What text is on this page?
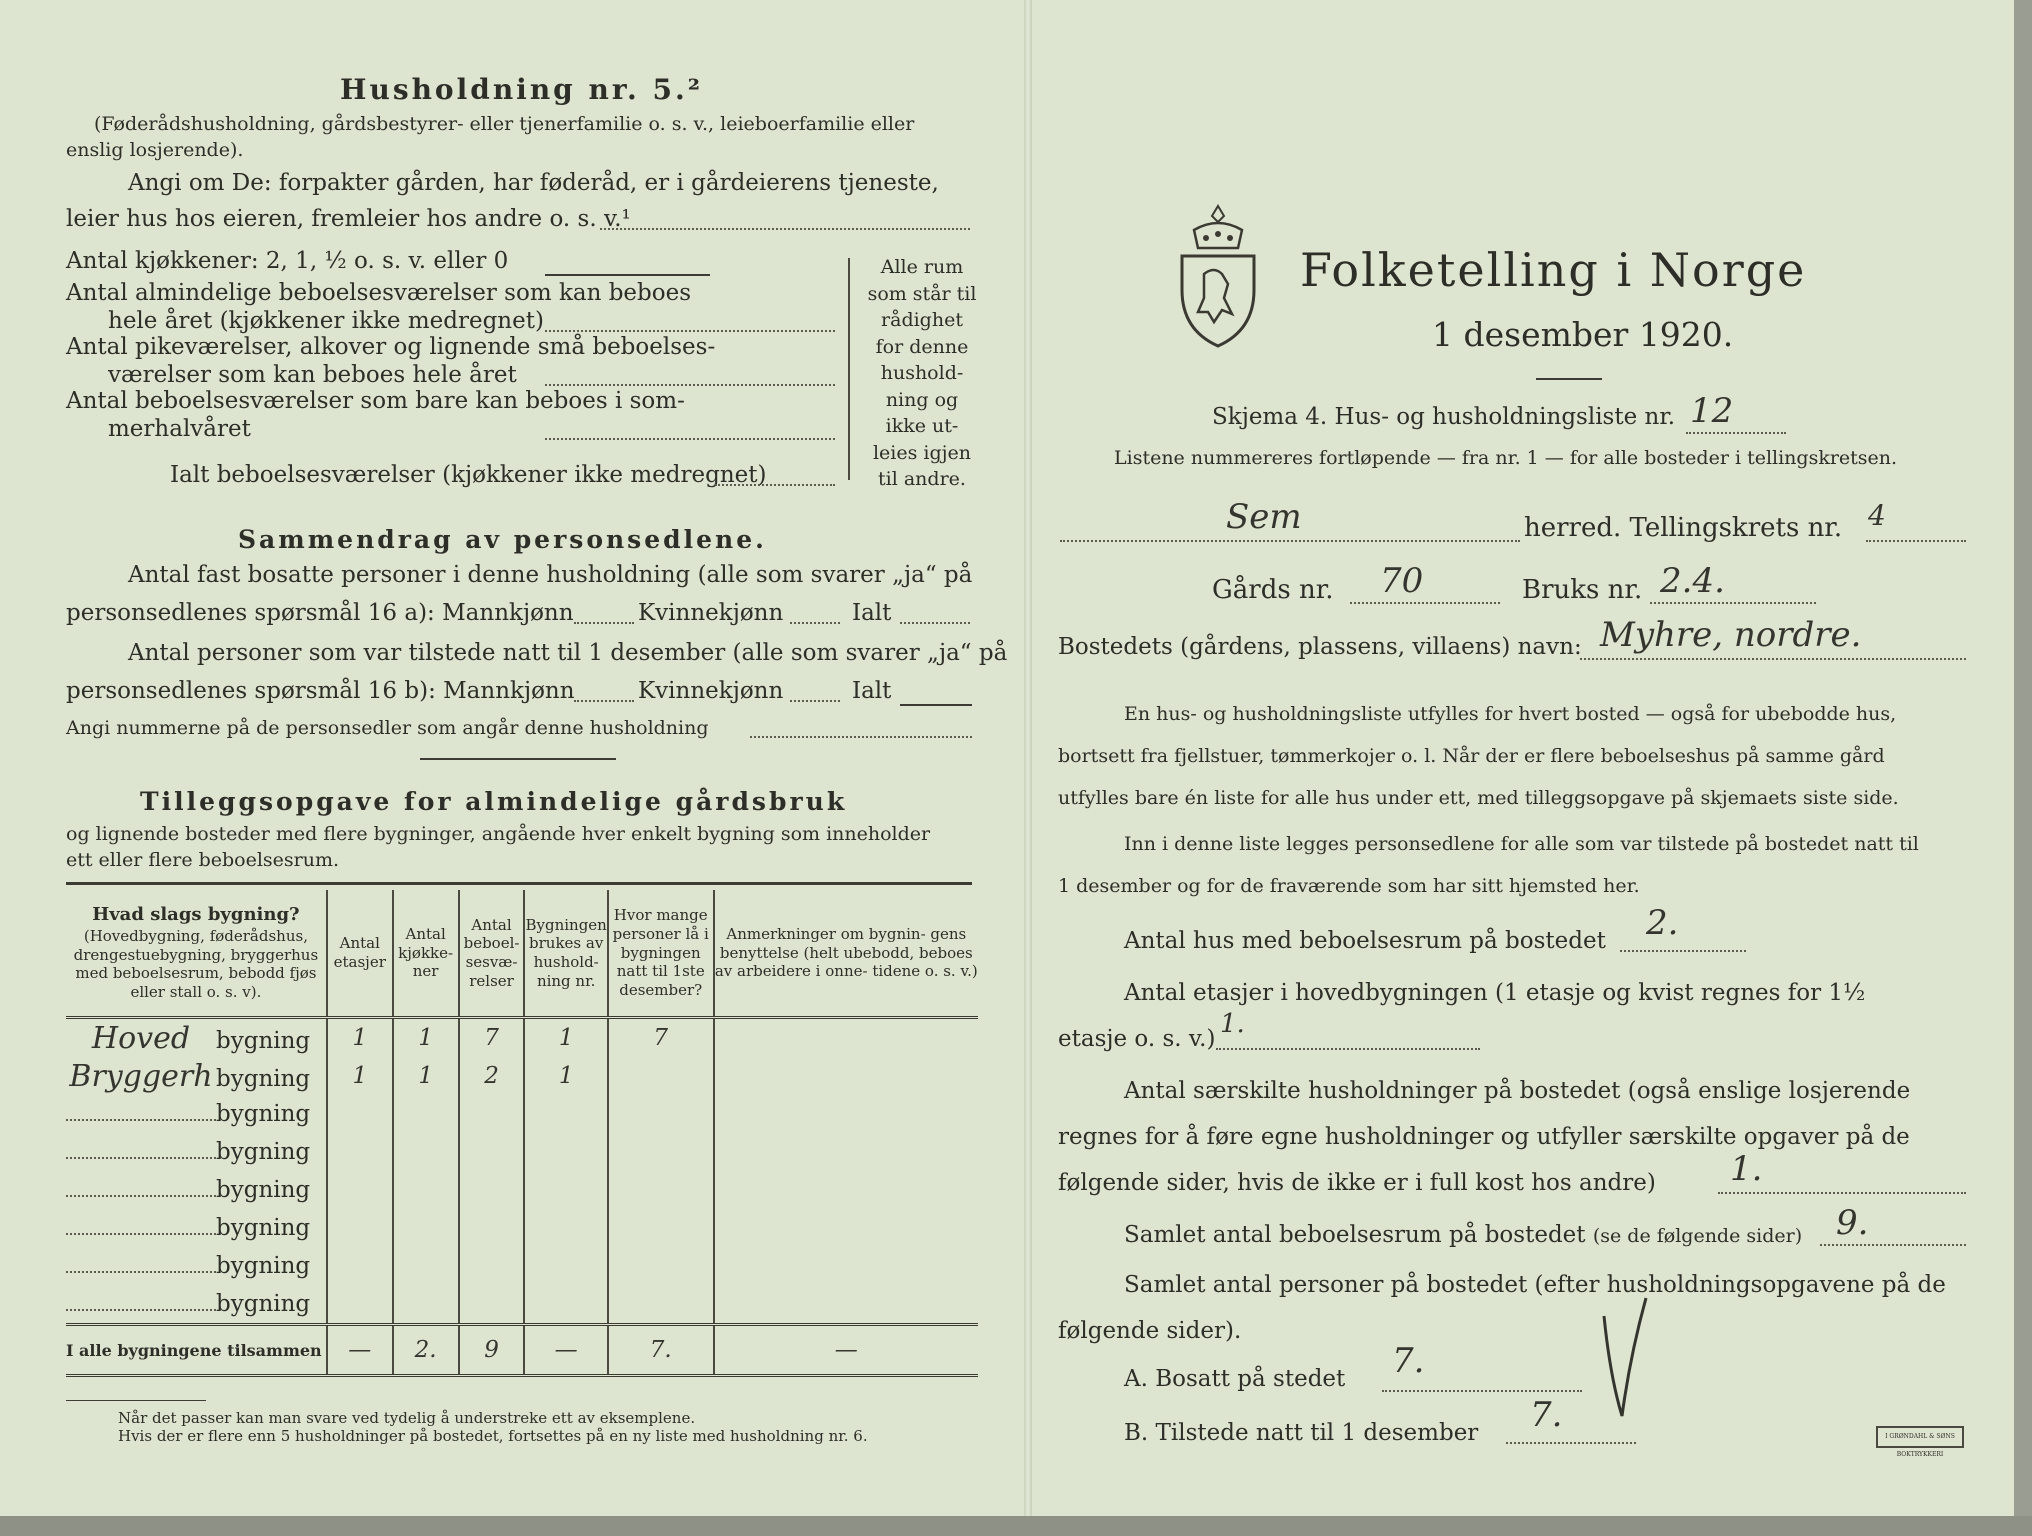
Husholdning nr. 5.²
(Føderådshusholdning, gårdsbestyrer- eller tjenerfamilie o. s. v., leieboerfamilie eller
enslig losjerende).
Angi om De: forpakter gården, har føderåd, er i gårdeierens tjeneste,
leier hus hos eieren, fremleier hos andre o. s. v.¹
Antal kjøkkener: 2, 1, ½ o. s. v. eller 0
Antal almindelige beboelsesværelser som kan beboes
hele året (kjøkkener ikke medregnet)
Antal pikeværelser, alkover og lignende små beboelses-
værelser som kan beboes hele året
Antal beboelsesværelser som bare kan beboes i som-
merhalvåret
Ialt beboelsesværelser (kjøkkener ikke medregnet)
Alle rum
som står til
rådighet
for denne
hushold-
ning og
ikke ut-
leies igjen
til andre.
Sammendrag av personsedlene.
Antal fast bosatte personer i denne husholdning (alle som svarer „ja“ på
personsedlenes spørsmål 16 a): Mannkjønn	Kvinnekjønn	Ialt
Antal personer som var tilstede natt til 1 desember (alle som svarer „ja“ på
personsedlenes spørsmål 16 b): Mannkjønn	Kvinnekjønn	Ialt
Angi nummerne på de personsedler som angår denne husholdning
Tilleggsopgave for almindelige gårdsbruk
og lignende bosteder med flere bygninger, angående hver enkelt bygning som inneholder
ett eller flere beboelsesrum.
Hvad slags bygning?
(Hovedbygning, føderådshus, drengestuebygning, bryggerhus med beboelsesrum, bebodd fjøs eller stall o. s. v).	Antal etasjer	Antal kjøkke- ner	Antal beboel- sesvæ- relser	Bygningen brukes av hushold- ning nr.	Hvor mange personer lå i bygningen natt til 1ste desember?	Anmerkninger om bygnin- gens benyttelse (helt ubebodd, beboes av arbeidere i onne- tidene o. s. v.)
Hoved bygning	1	1	7	1	7	
Bryggerh bygning	1	1	2	1		
bygning						
bygning						
bygning						
bygning						
bygning						
bygning						
I alle bygningene tilsammen	—	2.	9	—	7.	—
Når det passer kan man svare ved tydelig å understreke ett av eksemplene.
Hvis der er flere enn 5 husholdninger på bostedet, fortsettes på en ny liste med husholdning nr. 6.
Folketelling i Norge
1 desember 1920.
Skjema 4. Hus- og husholdningsliste nr. 12
Listene nummereres fortløpende — fra nr. 1 — for alle bosteder i tellingskretsen.
Sem	herred. Tellingskrets nr. 4
Gårds nr. 70	Bruks nr. 2.4.
Bostedets (gårdens, plassens, villaens) navn: Myhre, nordre.
En hus- og husholdningsliste utfylles for hvert bosted — også for ubebodde hus,
bortsett fra fjellstuer, tømmerkojer o. l. Når der er flere beboelseshus på samme gård
utfylles bare én liste for alle hus under ett, med tilleggsopgave på skjemaets siste side.
Inn i denne liste legges personsedlene for alle som var tilstede på bostedet natt til
1 desember og for de fraværende som har sitt hjemsted her.
Antal hus med beboelsesrum på bostedet 2.
Antal etasjer i hovedbygningen (1 etasje og kvist regnes for 1½
etasje o. s. v.) 1.
Antal særskilte husholdninger på bostedet (også enslige losjerende
regnes for å føre egne husholdninger og utfyller særskilte opgaver på de
følgende sider, hvis de ikke er i full kost hos andre) 1.
Samlet antal beboelsesrum på bostedet (se de følgende sider) 9.
Samlet antal personer på bostedet (efter husholdningsopgavene på de
følgende sider).
A. Bosatt på stedet 7.
B. Tilstede natt til 1 desember 7.
I GRØNDAHL & SØNS BOKTRYKKERI
